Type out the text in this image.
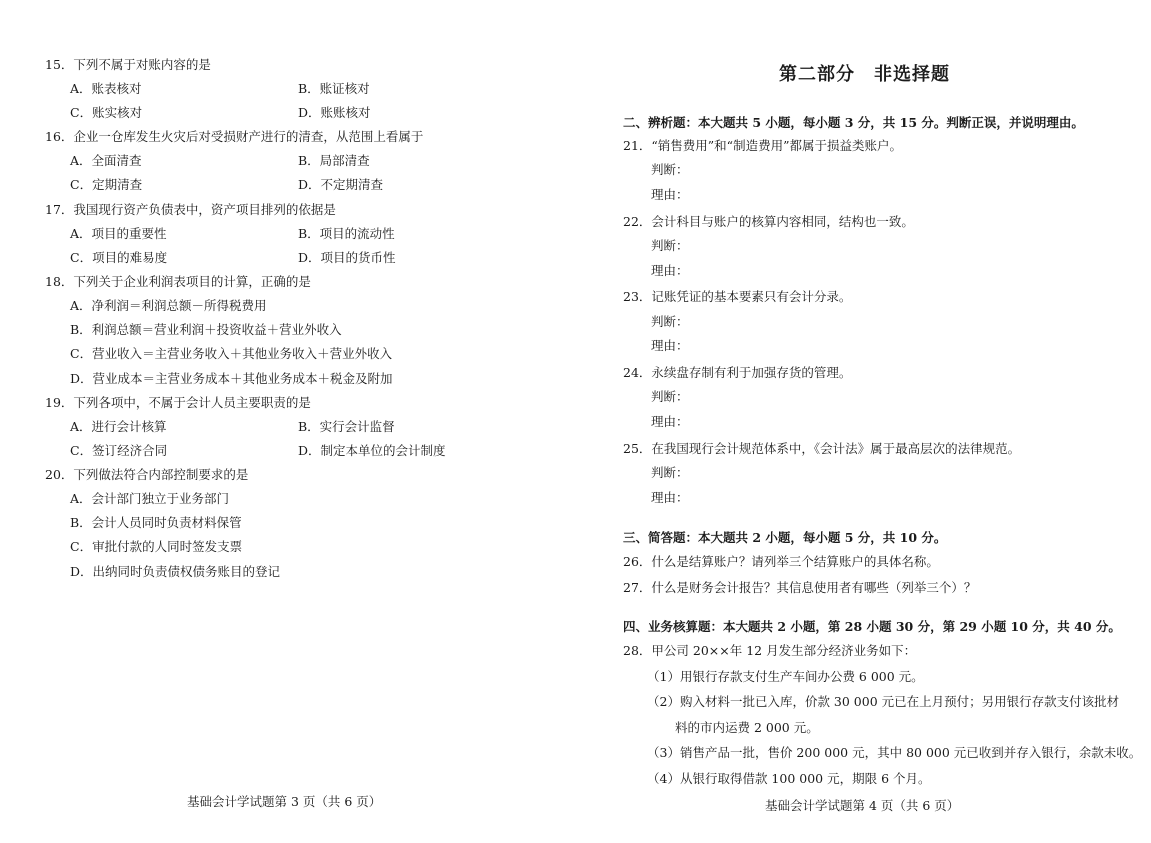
15．下列不属于对账内容的是
A．账表核对	B．账证核对
C．账实核对	D．账账核对
16．企业一仓库发生火灾后对受损财产进行的清查，从范围上看属于
A．全面清查	B．局部清查
C．定期清查	D．不定期清查
17．我国现行资产负债表中，资产项目排列的依据是
A．项目的重要性	B．项目的流动性
C．项目的难易度	D．项目的货币性
18．下列关于企业利润表项目的计算，正确的是
A．净利润＝利润总额－所得税费用
B．利润总额＝营业利润＋投资收益＋营业外收入
C．营业收入＝主营业务收入＋其他业务收入＋营业外收入
D．营业成本＝主营业务成本＋其他业务成本＋税金及附加
19．下列各项中，不属于会计人员主要职责的是
A．进行会计核算	B．实行会计监督
C．签订经济合同	D．制定本单位的会计制度
20．下列做法符合内部控制要求的是
A．会计部门独立于业务部门
B．会计人员同时负责材料保管
C．审批付款的人同时签发支票
D．出纳同时负责债权债务账目的登记
基础会计学试题第 3 页（共 6 页）
第二部分　非选择题
二、辨析题：本大题共 5 小题，每小题 3 分，共 15 分。判断正误，并说明理由。
21．“销售费用”和“制造费用”都属于损益类账户。
判断：
理由：
22．会计科目与账户的核算内容相同，结构也一致。
判断：
理由：
23．记账凭证的基本要素只有会计分录。
判断：
理由：
24．永续盘存制有利于加强存货的管理。
判断：
理由：
25．在我国现行会计规范体系中，《会计法》属于最高层次的法律规范。
判断：
理由：
三、简答题：本大题共 2 小题，每小题 5 分，共 10 分。
26．什么是结算账户？请列举三个结算账户的具体名称。
27．什么是财务会计报告？其信息使用者有哪些（列举三个）？
四、业务核算题：本大题共 2 小题，第 28 小题 30 分，第 29 小题 10 分，共 40 分。
28．甲公司 20××年 12 月发生部分经济业务如下：
（1）用银行存款支付生产车间办公费 6 000 元。
（2）购入材料一批已入库，价款 30 000 元已在上月预付；另用银行存款支付该批材
料的市内运费 2 000 元。
（3）销售产品一批，售价 200 000 元，其中 80 000 元已收到并存入银行，余款未收。
（4）从银行取得借款 100 000 元，期限 6 个月。
基础会计学试题第 4 页（共 6 页）
